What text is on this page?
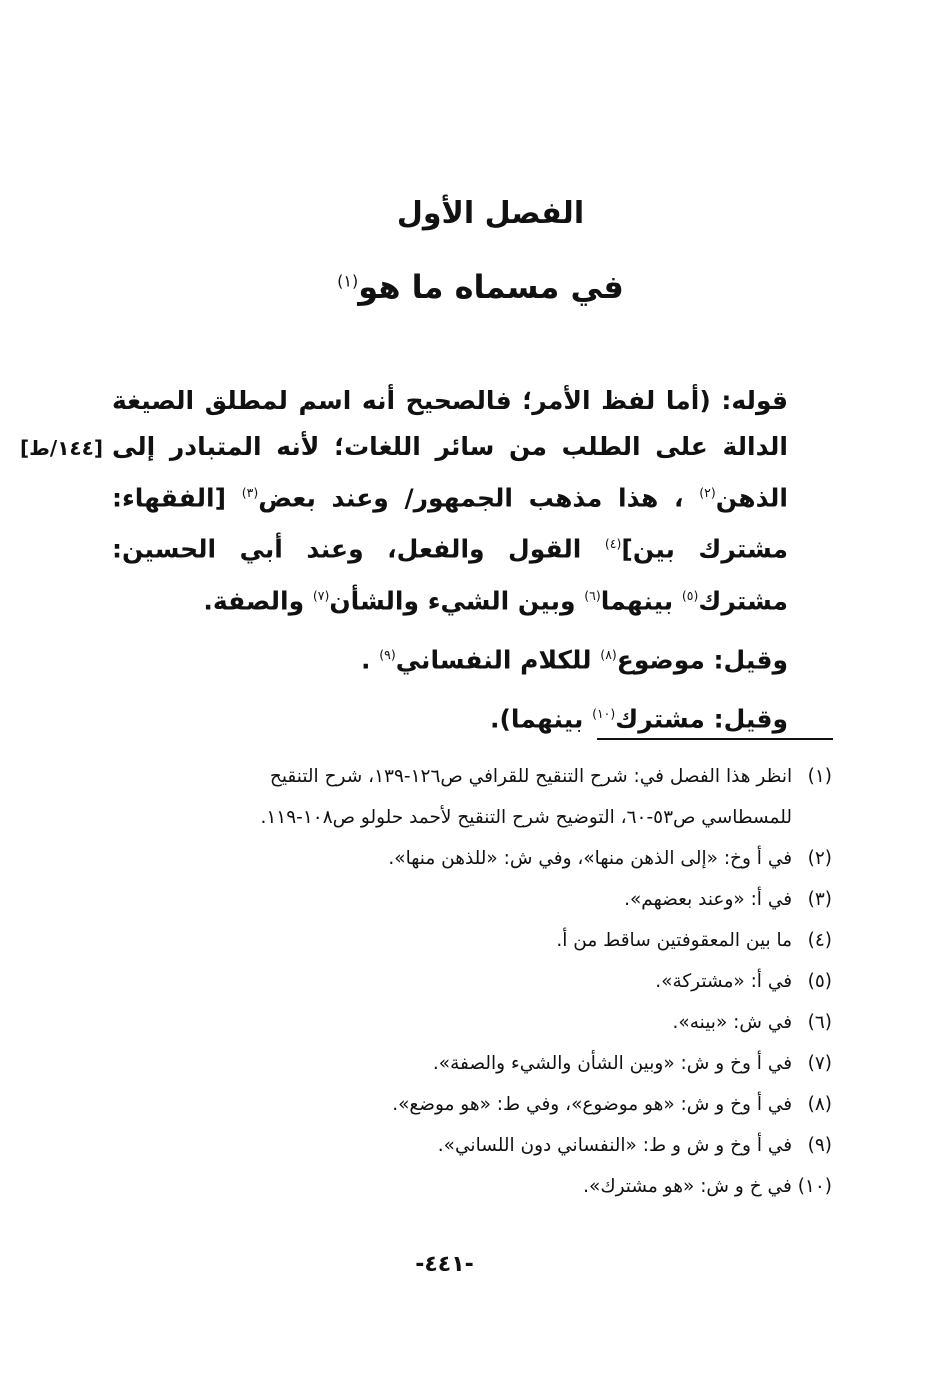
الفصل الأول
في مسماه ما هو$^{(١)}$
[١٤٤/ط]

قوله: (أما لفظ الأمر؛ فالصحيح أنه اسم لمطلق الصيغة الدالة على الطلب من سائر اللغات؛ لأنه المتبادر إلى الذهن$^{(٢)}$ ، هذا مذهب الجمهور/ وعند بعض$^{(٣)}$ [الفقهاء: مشترك بين]$^{(٤)}$ القول والفعل، وعند أبي الحسين: مشترك$^{(٥)}$ بينهما$^{(٦)}$ وبين الشيء والشأن$^{(٧)}$ والصفة.

وقيل: موضوع$^{(٨)}$ للكلام النفساني$^{(٩)}$ .

وقيل: مشترك$^{(١٠)}$ بينهما).

(١) انظر هذا الفصل في: شرح التنقيح للقرافي ص١٢٦-١٣٩، شرح التنقيح
للمسطاسي ص٥٣-٦٠، التوضيح شرح التنقيح لأحمد حلولو ص١٠٨-١١٩.

(٢) في أ وخ: «إلى الذهن منها»، وفي ش: «للذهن منها».

(٣) في أ: «وعند بعضهم».

(٤) ما بين المعقوفتين ساقط من أ.

(٥) في أ: «مشتركة».

(٦) في ش: «بينه».

(٧) في أ وخ و ش: «وبين الشأن والشيء والصفة».

(٨) في أ وخ و ش: «هو موضوع»، وفي ط: «هو موضع».

(٩) في أ وخ و ش و ط: «النفساني دون اللساني».

(١٠) في خ و ش: «هو مشترك».

-٤٤١-
